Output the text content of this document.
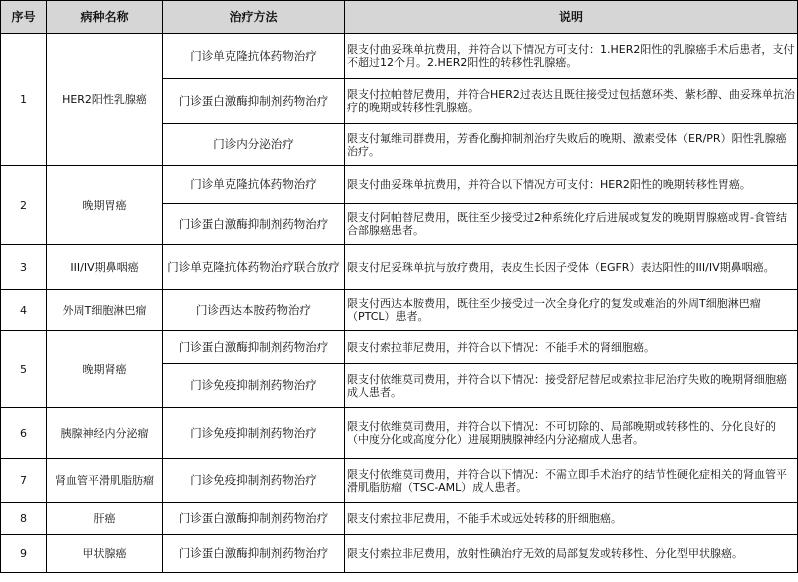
序号	病种名称	治疗方法	说明
1	HER2阳性乳腺癌	门诊单克隆抗体药物治疗	限支付曲妥珠单抗费用，并符合以下情况方可支付：1.HER2阳性的乳腺癌手术后患者，支付不超过12个月。2.HER2阳性的转移性乳腺癌。
		门诊蛋白激酶抑制剂药物治疗	限支付拉帕替尼费用，并符合HER2过表达且既往接受过包括蒽环类、紫杉醇、曲妥珠单抗治疗的晚期或转移性乳腺癌。
		门诊内分泌治疗	限支付氟维司群费用，芳香化酶抑制剂治疗失败后的晚期、激素受体（ER/PR）阳性乳腺癌治疗。
2	晚期胃癌	门诊单克隆抗体药物治疗	限支付曲妥珠单抗费用，并符合以下情况方可支付：HER2阳性的晚期转移性胃癌。
		门诊蛋白激酶抑制剂药物治疗	限支付阿帕替尼费用，既往至少接受过2种系统化疗后进展或复发的晚期胃腺癌或胃-食管结合部腺癌患者。
3	III/IV期鼻咽癌	门诊单克隆抗体药物治疗联合放疗	限支付尼妥珠单抗与放疗费用，表皮生长因子受体（EGFR）表达阳性的III/IV期鼻咽癌。
4	外周T细胞淋巴瘤	门诊西达本胺药物治疗	限支付西达本胺费用，既往至少接受过一次全身化疗的复发或难治的外周T细胞淋巴瘤（PTCL）患者。
5	晚期肾癌	门诊蛋白激酶抑制剂药物治疗	限支付索拉菲尼费用，并符合以下情况：不能手术的肾细胞癌。
		门诊免疫抑制剂药物治疗	限支付依维莫司费用，并符合以下情况：接受舒尼替尼或索拉非尼治疗失败的晚期肾细胞癌成人患者。
6	胰腺神经内分泌瘤	门诊免疫抑制剂药物治疗	限支付依维莫司费用，并符合以下情况：不可切除的、局部晚期或转移性的、分化良好的（中度分化或高度分化）进展期胰腺神经内分泌瘤成人患者。
7	肾血管平滑肌脂肪瘤	门诊免疫抑制剂药物治疗	限支付依维莫司费用，并符合以下情况：不需立即手术治疗的结节性硬化症相关的肾血管平滑肌脂肪瘤（TSC-AML）成人患者。
8	肝癌	门诊蛋白激酶抑制剂药物治疗	限支付索拉非尼费用，不能手术或远处转移的肝细胞癌。
9	甲状腺癌	门诊蛋白激酶抑制剂药物治疗	限支付索拉非尼费用，放射性碘治疗无效的局部复发或转移性、分化型甲状腺癌。
